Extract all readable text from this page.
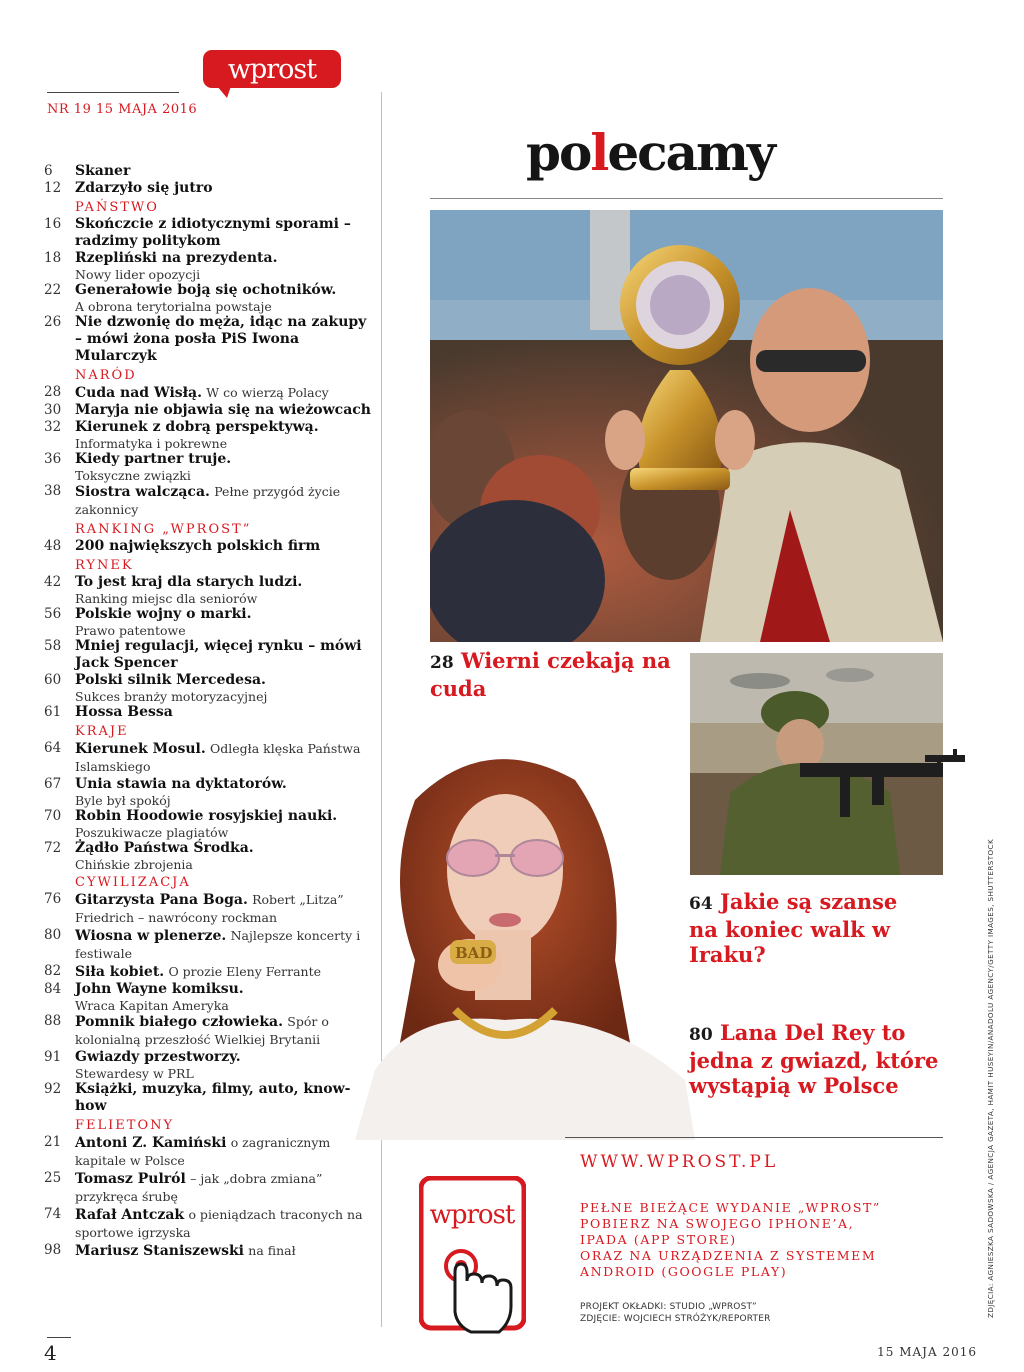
wprost
NR 19 15 MAJA 2016
6	Skaner
12 Zdarzyło się jutro
PAŃSTWO
16 Skończcie z idiotycznymi sporami – radzimy politykom
18 Rzepliński na prezydenta.
Nowy lider opozycji
22 Generałowie boją się ochotników.
A obrona terytorialna powstaje
26 Nie dzwonię do męża, idąc na zakupy – mówi żona posła PiS Iwona Mularczyk
NARÓD
28 Cuda nad Wisłą. W co wierzą Polacy
30 Maryja nie objawia się na wieżowcach
32 Kierunek z dobrą perspektywą.
Informatyka i pokrewne
36 Kiedy partner truje.
Toksyczne związki
38 Siostra walcząca. Pełne przygód życie zakonnicy
RANKING „WPROST”
48 200 największych polskich firm
RYNEK
42 To jest kraj dla starych ludzi.
Ranking miejsc dla seniorów
56 Polskie wojny o marki.
Prawo patentowe
58 Mniej regulacji, więcej rynku – mówi Jack Spencer
60 Polski silnik Mercedesa.
Sukces branży motoryzacyjnej
61 Hossa Bessa
KRAJE
64 Kierunek Mosul. Odległa klęska Państwa Islamskiego
67 Unia stawia na dyktatorów.
Byle był spokój
70 Robin Hoodowie rosyjskiej nauki.
Poszukiwacze plagiatów
72 Żądło Państwa Środka.
Chińskie zbrojenia
CYWILIZACJA
76 Gitarzysta Pana Boga. Robert „Litza” Friedrich – nawrócony rockman
80 Wiosna w plenerze. Najlepsze koncerty i festiwale
82 Siła kobiet. O prozie Eleny Ferrante
84 John Wayne komiksu.
Wraca Kapitan Ameryka
88 Pomnik białego człowieka. Spór o kolonialną przeszłość Wielkiej Brytanii
91 Gwiazdy przestworzy.
Stewardesy w PRL
92 Książki, muzyka, filmy, auto, know-how
FELIETONY
21 Antoni Z. Kamiński o zagranicznym kapitale w Polsce
25 Tomasz Pulról – jak „dobra zmiana” przykręca śrubę
74 Rafał Antczak o pieniądzach traconych na sportowe igrzyska
98 Mariusz Staniszewski na finał
polecamy
28 Wierni czekają na cuda
64 Jakie są szanse na koniec walk w Iraku?
BAD
80 Lana Del Rey to jedna z gwiazd, które wystąpią w Polsce
WWW.WPROST.PL
wprost	PEŁNE BIEŻĄCE WYDANIE „WPROST”
POBIERZ NA SWOJEGO IPHONE’A,
IPADA (APP STORE)
ORAZ NA URZĄDZENIA Z SYSTEMEM
ANDROID (GOOGLE PLAY)
PROJEKT OKŁADKI: STUDIO „WPROST”
ZDJĘCIE: WOJCIECH STRÓŻYK/REPORTER
ZDJĘCIA: AGNIESZKA SADOWSKA / AGENCJA GAZETA, HAMIT HUSEYIN/ANADOLU AGENCY/GETTY IMAGES, SHUTTERSTOCK
4	15 MAJA 2016
